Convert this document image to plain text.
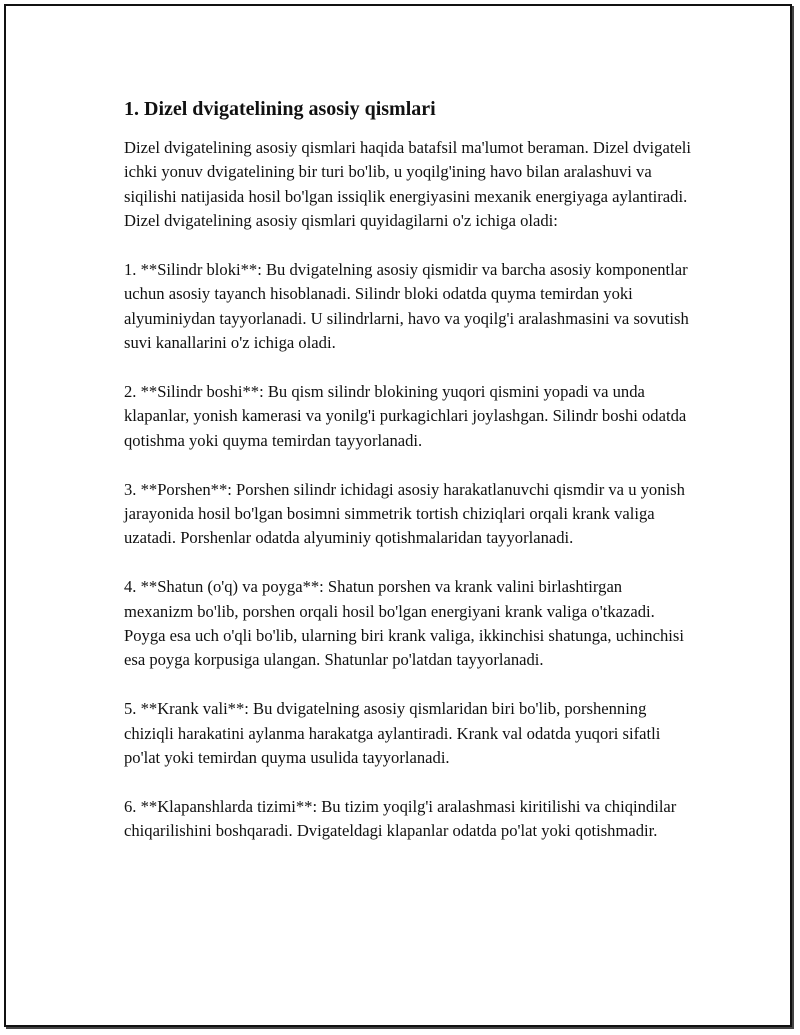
1. Dizel dvigatelining asosiy qismlari

Dizel dvigatelining asosiy qismlari haqida batafsil ma'lumot beraman. Dizel dvigateli ichki yonuv dvigatelining bir turi bo'lib, u yoqilg'ining havo bilan aralashuvi va siqilishi natijasida hosil bo'lgan issiqlik energiyasini mexanik energiyaga aylantiradi. Dizel dvigatelining asosiy qismlari quyidagilarni o'z ichiga oladi:

1. **Silindr bloki**: Bu dvigatelning asosiy qismidir va barcha asosiy komponentlar uchun asosiy tayanch hisoblanadi. Silindr bloki odatda quyma temirdan yoki alyuminiydan tayyorlanadi. U silindrlarni, havo va yoqilg'i aralashmasini va sovutish suvi kanallarini o'z ichiga oladi.

2. **Silindr boshi**: Bu qism silindr blokining yuqori qismini yopadi va unda klapanlar, yonish kamerasi va yonilg'i purkagichlari joylashgan. Silindr boshi odatda qotishma yoki quyma temirdan tayyorlanadi.

3. **Porshen**: Porshen silindr ichidagi asosiy harakatlanuvchi qismdir va u yonish jarayonida hosil bo'lgan bosimni simmetrik tortish chiziqlari orqali krank valiga uzatadi. Porshenlar odatda alyuminiy qotishmalaridan tayyorlanadi.

4. **Shatun (o'q) va poyga**: Shatun porshen va krank valini birlashtirgan mexanizm bo'lib, porshen orqali hosil bo'lgan energiyani krank valiga o'tkazadi. Poyga esa uch o'qli bo'lib, ularning biri krank valiga, ikkinchisi shatunga, uchinchisi esa poyga korpusiga ulangan. Shatunlar po'latdan tayyorlanadi.

5. **Krank vali**: Bu dvigatelning asosiy qismlaridan biri bo'lib, porshenning chiziqli harakatini aylanma harakatga aylantiradi. Krank val odatda yuqori sifatli po'lat yoki temirdan quyma usulida tayyorlanadi.

6. **Klapanshlarda tizimi**: Bu tizim yoqilg'i aralashmasi kiritilishi va chiqindilar chiqarilishini boshqaradi. Dvigateldagi klapanlar odatda po'lat yoki qotishmadir.
